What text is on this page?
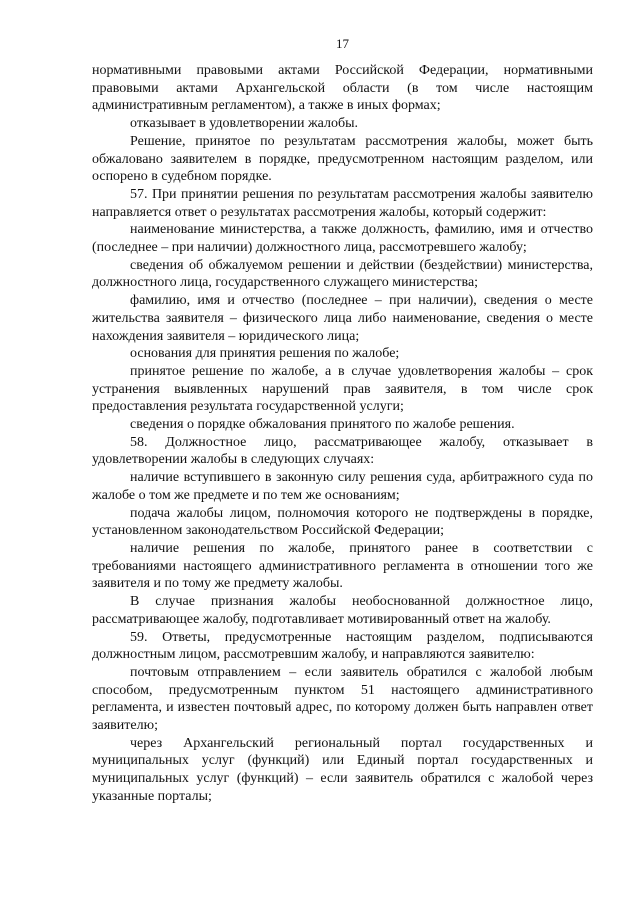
17

нормативными правовыми актами Российской Федерации, нормативными правовыми актами Архангельской области (в том числе настоящим административным регламентом), а также в иных формах;

отказывает в удовлетворении жалобы.

Решение, принятое по результатам рассмотрения жалобы, может быть обжаловано заявителем в порядке, предусмотренном настоящим разделом, или оспорено в судебном порядке.

57. При принятии решения по результатам рассмотрения жалобы заявителю направляется ответ о результатах рассмотрения жалобы, который содержит:

наименование министерства, а также должность, фамилию, имя и отчество (последнее – при наличии) должностного лица, рассмотревшего жалобу;

сведения об обжалуемом решении и действии (бездействии) министерства, должностного лица, государственного служащего министерства;

фамилию, имя и отчество (последнее – при наличии), сведения о месте жительства заявителя – физического лица либо наименование, сведения о месте нахождения заявителя – юридического лица;

основания для принятия решения по жалобе;

принятое решение по жалобе, а в случае удовлетворения жалобы – срок устранения выявленных нарушений прав заявителя, в том числе срок предоставления результата государственной услуги;

сведения о порядке обжалования принятого по жалобе решения.

58. Должностное лицо, рассматривающее жалобу, отказывает в удовлетворении жалобы в следующих случаях:

наличие вступившего в законную силу решения суда, арбитражного суда по жалобе о том же предмете и по тем же основаниям;

подача жалобы лицом, полномочия которого не подтверждены в порядке, установленном законодательством Российской Федерации;

наличие решения по жалобе, принятого ранее в соответствии с требованиями настоящего административного регламента в отношении того же заявителя и по тому же предмету жалобы.

В случае признания жалобы необоснованной должностное лицо, рассматривающее жалобу, подготавливает мотивированный ответ на жалобу.

59. Ответы, предусмотренные настоящим разделом, подписываются должностным лицом, рассмотревшим жалобу, и направляются заявителю:

почтовым отправлением – если заявитель обратился с жалобой любым способом, предусмотренным пунктом 51 настоящего административного регламента, и известен почтовый адрес, по которому должен быть направлен ответ заявителю;

через Архангельский региональный портал государственных и муниципальных услуг (функций) или Единый портал государственных и муниципальных услуг (функций) – если заявитель обратился с жалобой через указанные порталы;
